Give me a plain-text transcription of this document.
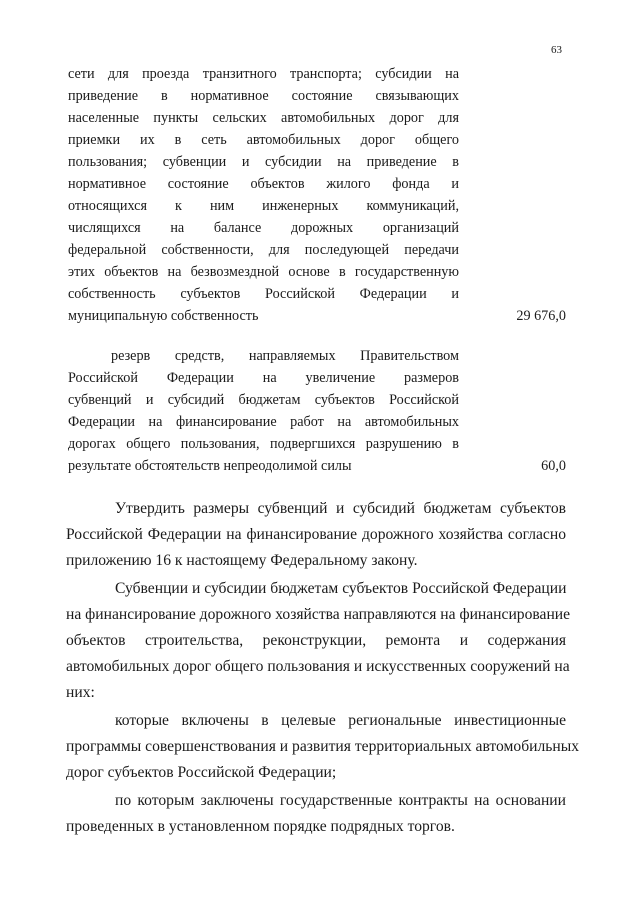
63
сети для проезда транзитного транспорта; субсидии на
приведение в нормативное состояние связывающих
населенные пункты сельских автомобильных дорог для
приемки их в сеть автомобильных дорог общего
пользования; субвенции и субсидии на приведение в
нормативное состояние объектов жилого фонда и
относящихся к ним инженерных коммуникаций,
числящихся на балансе дорожных организаций
федеральной собственности, для последующей передачи
этих объектов на безвозмездной основе в государственную
собственность субъектов Российской Федерации и
муниципальную собственность	29 676,0
резерв средств, направляемых Правительством
Российской Федерации на увеличение размеров
субвенций и субсидий бюджетам субъектов Российской
Федерации на финансирование работ на автомобильных
дорогах общего пользования, подвергшихся разрушению в
результате обстоятельств непреодолимой силы	60,0
Утвердить размеры субвенций и субсидий бюджетам субъектов
Российской Федерации на финансирование дорожного хозяйства согласно
приложению 16 к настоящему Федеральному закону.
Субвенции и субсидии бюджетам субъектов Российской Федерации
на финансирование дорожного хозяйства направляются на финансирование
объектов строительства, реконструкции, ремонта и содержания
автомобильных дорог общего пользования и искусственных сооружений на
них:
которые включены в целевые региональные инвестиционные
программы совершенствования и развития территориальных автомобильных
дорог субъектов Российской Федерации;
по которым заключены государственные контракты на основании
проведенных в установленном порядке подрядных торгов.
